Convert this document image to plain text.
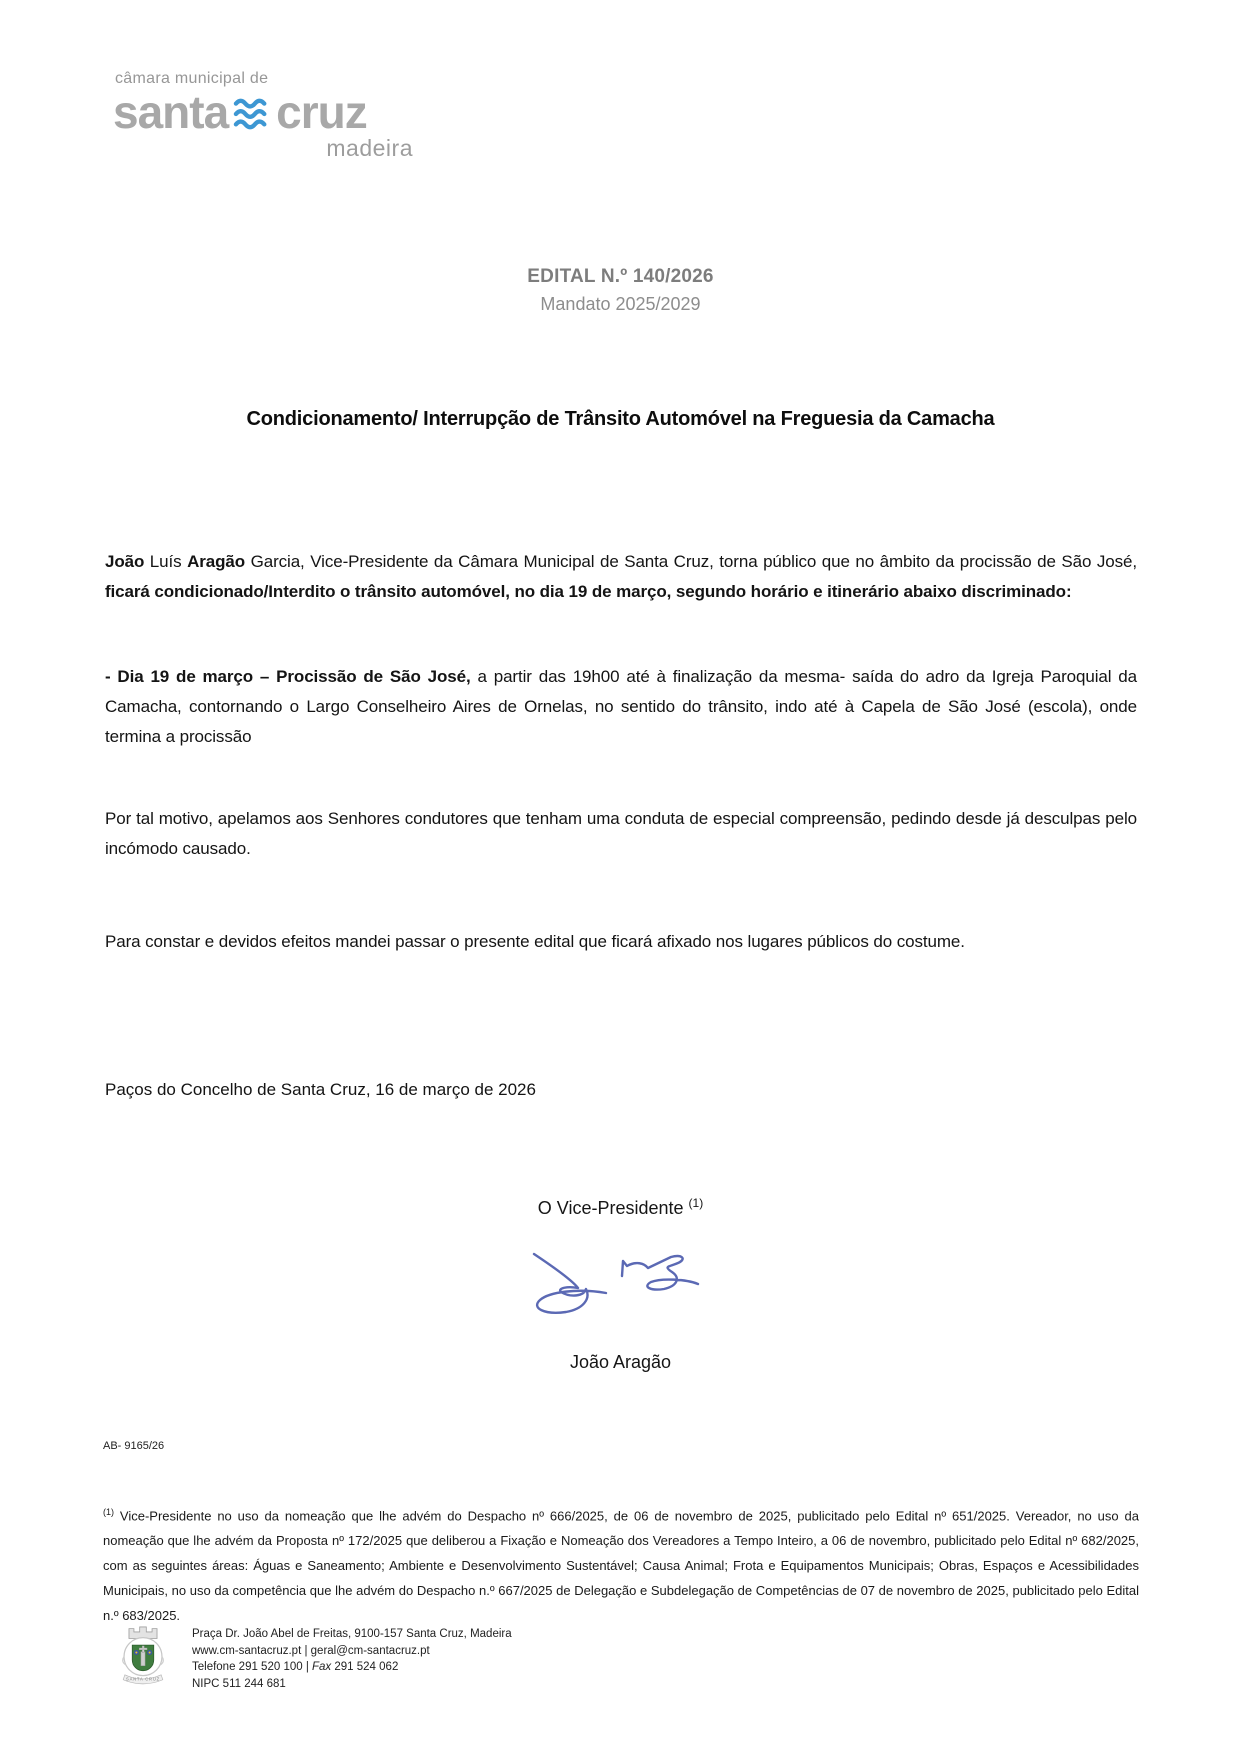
câmara municipal de
santa cruz
madeira
EDITAL N.º 140/2026
Mandato 2025/2029
Condicionamento/ Interrupção de Trânsito Automóvel na Freguesia da Camacha

João Luís Aragão Garcia, Vice-Presidente da Câmara Municipal de Santa Cruz, torna público que no âmbito da procissão de São José, ficará condicionado/Interdito o trânsito automóvel, no dia 19 de março, segundo horário e itinerário abaixo discriminado:

- Dia 19 de março – Procissão de São José, a partir das 19h00 até à finalização da mesma- saída do adro da Igreja Paroquial da Camacha, contornando o Largo Conselheiro Aires de Ornelas, no sentido do trânsito, indo até à Capela de São José (escola), onde termina a procissão

Por tal motivo, apelamos aos Senhores condutores que tenham uma conduta de especial compreensão, pedindo desde já desculpas pelo incómodo causado.

Para constar e devidos efeitos mandei passar o presente edital que ficará afixado nos lugares públicos do costume.

Paços do Concelho de Santa Cruz, 16 de março de 2026
O Vice-Presidente $^{(1)}$
João Aragão
AB- 9165/26

$^{(1)}$ Vice-Presidente no uso da nomeação que lhe advém do Despacho nº 666/2025, de 06 de novembro de 2025, publicitado pelo Edital nº 651/2025. Vereador, no uso da nomeação que lhe advém da Proposta nº 172/2025 que deliberou a Fixação e Nomeação dos Vereadores a Tempo Inteiro, a 06 de novembro, publicitado pelo Edital nº 682/2025, com as seguintes áreas: Águas e Saneamento; Ambiente e Desenvolvimento Sustentável; Causa Animal; Frota e Equipamentos Municipais; Obras, Espaços e Acessibilidades Municipais, no uso da competência que lhe advém do Despacho n.º 667/2025 de Delegação e Subdelegação de Competências de 07 de novembro de 2025, publicitado pelo Edital n.º 683/2025.

SANTA CRUZ
Praça Dr. João Abel de Freitas, 9100-157 Santa Cruz, Madeira
www.cm-santacruz.pt | geral@cm-santacruz.pt
Telefone 291 520 100 | Fax 291 524 062
NIPC 511 244 681
